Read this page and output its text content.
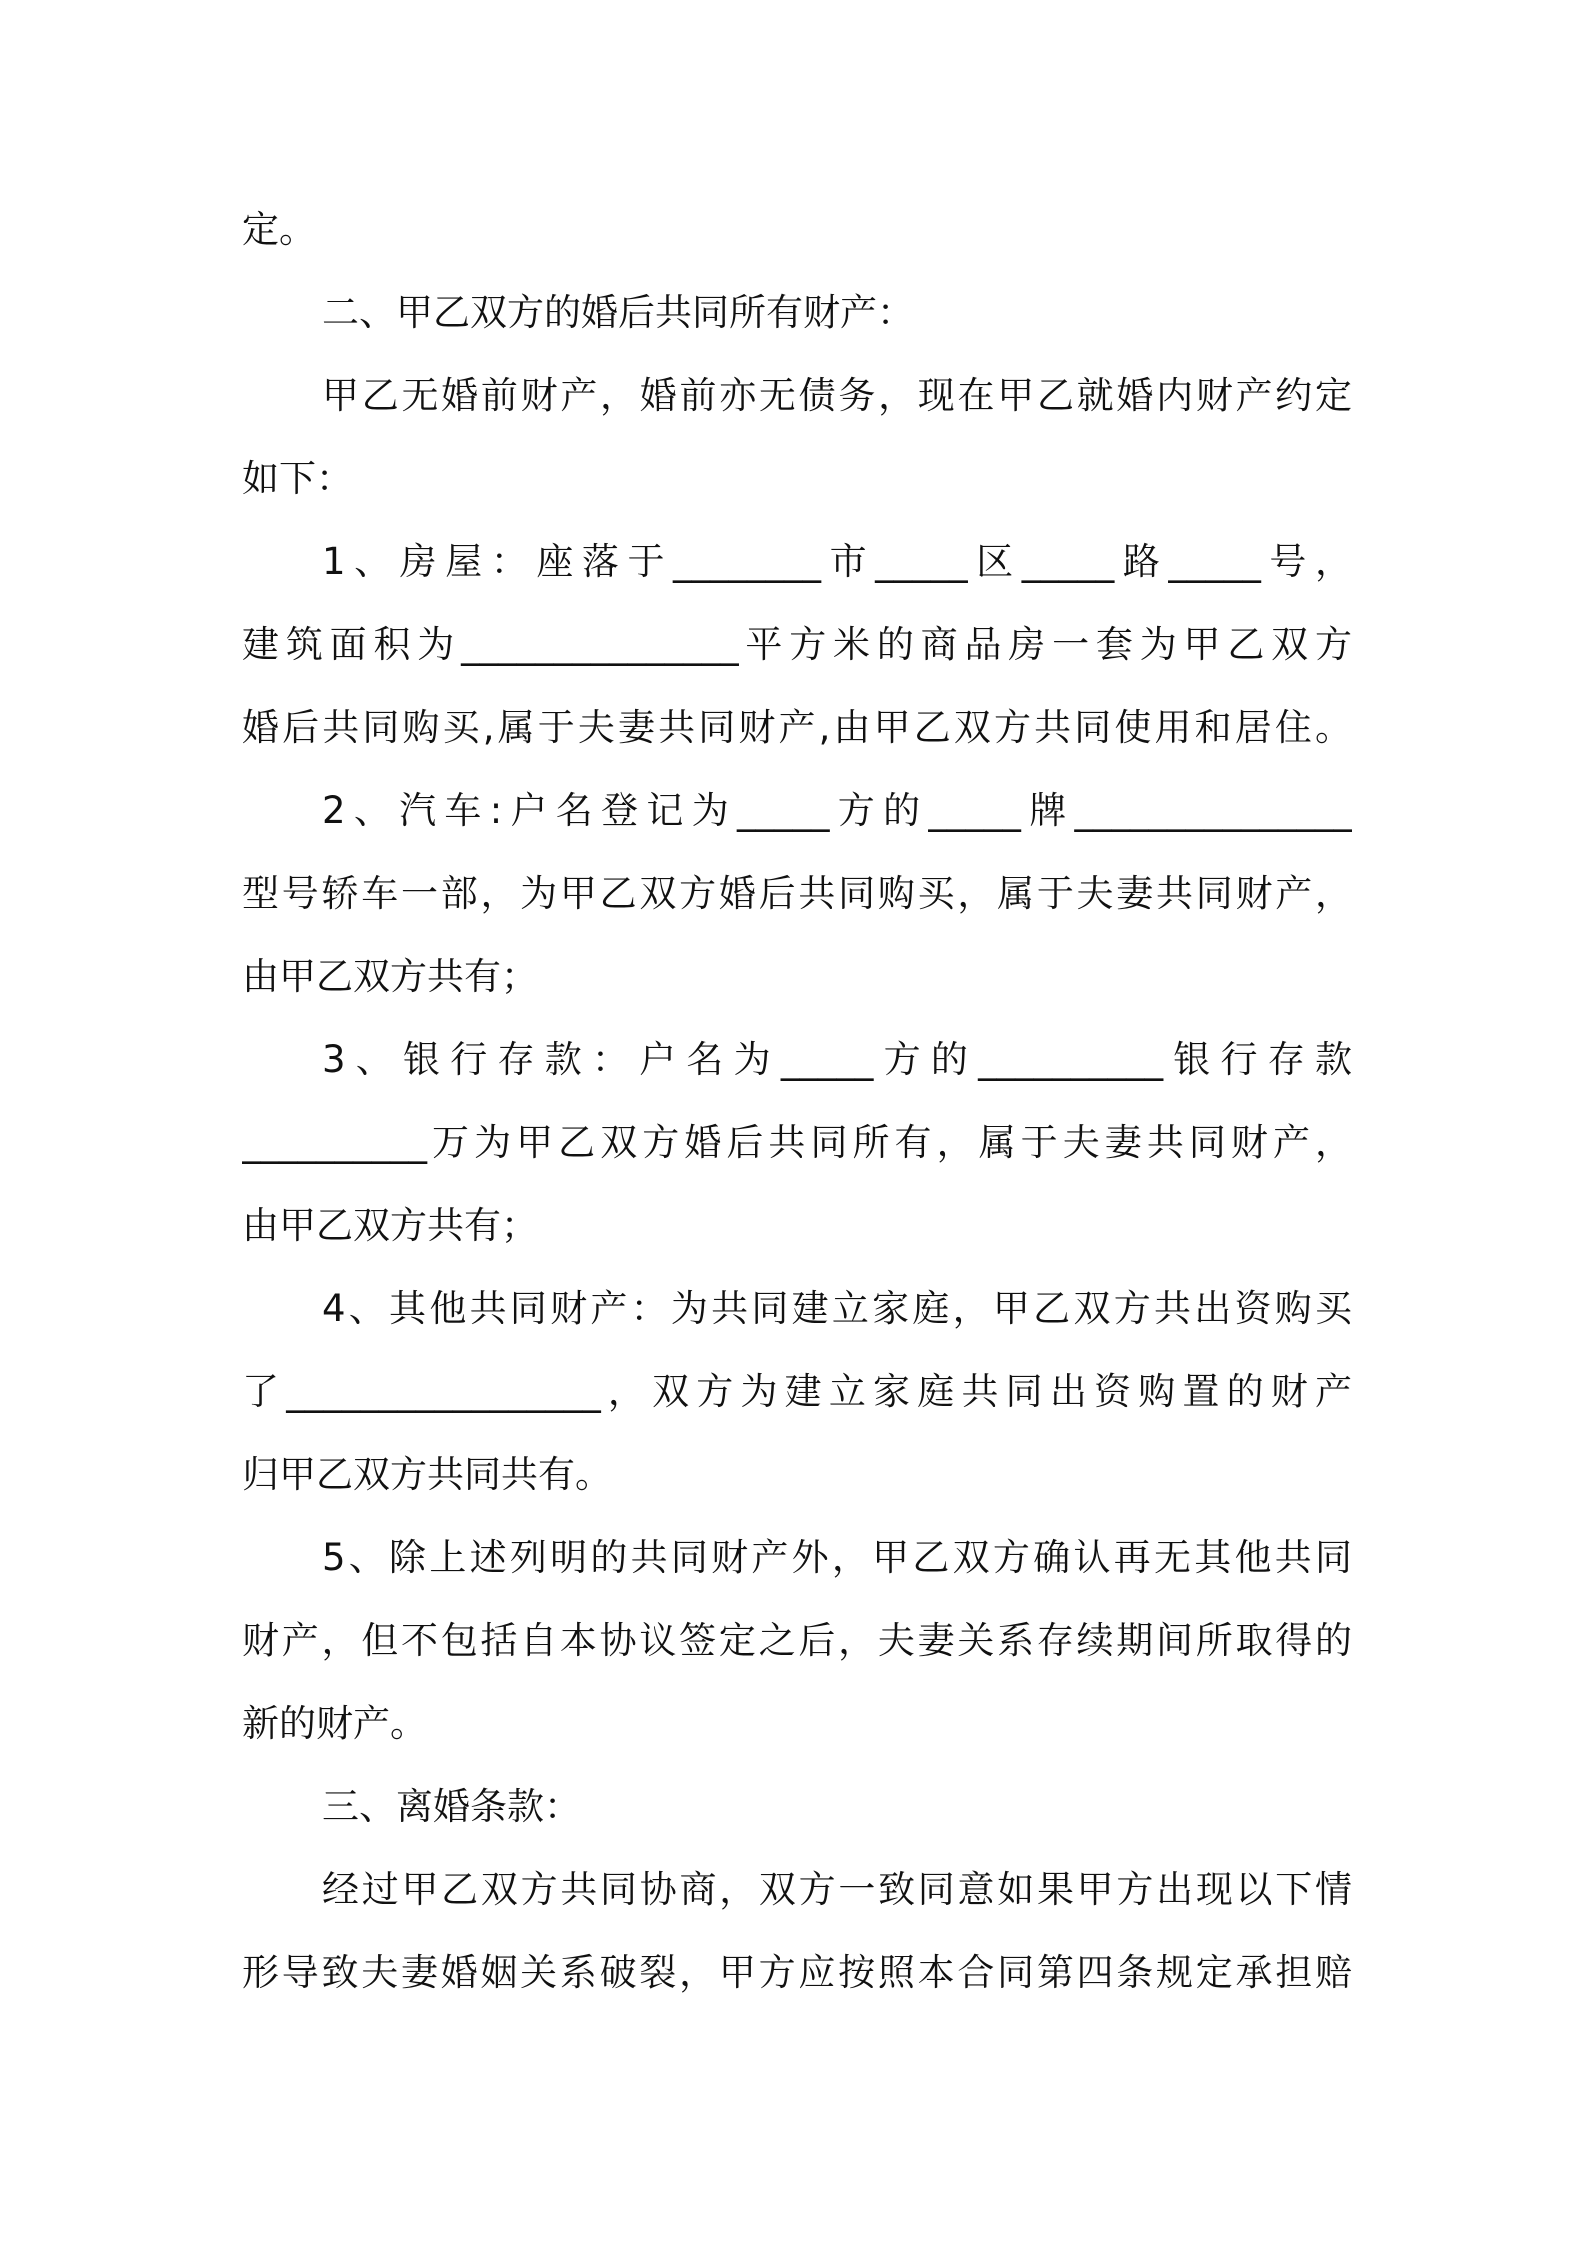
定。
二、甲乙双方的婚后共同所有财产：
甲乙无婚前财产，婚前亦无债务，现在甲乙就婚内财产约定
如下：
1、房屋：座落于________市_____区_____路_____号，
建筑面积为_______________平方米的商品房一套为甲乙双方
婚后共同购买,属于夫妻共同财产,由甲乙双方共同使用和居住。
2、汽车:户名登记为_____方的_____牌_______________
型号轿车一部，为甲乙双方婚后共同购买，属于夫妻共同财产，
由甲乙双方共有；
3、银行存款：户名为_____方的__________银行存款
__________万为甲乙双方婚后共同所有，属于夫妻共同财产，
由甲乙双方共有；
4、其他共同财产：为共同建立家庭，甲乙双方共出资购买
了_________________，双方为建立家庭共同出资购置的财产
归甲乙双方共同共有。
5、除上述列明的共同财产外，甲乙双方确认再无其他共同
财产，但不包括自本协议签定之后，夫妻关系存续期间所取得的
新的财产。
三、离婚条款：
经过甲乙双方共同协商，双方一致同意如果甲方出现以下情
形导致夫妻婚姻关系破裂，甲方应按照本合同第四条规定承担赔
